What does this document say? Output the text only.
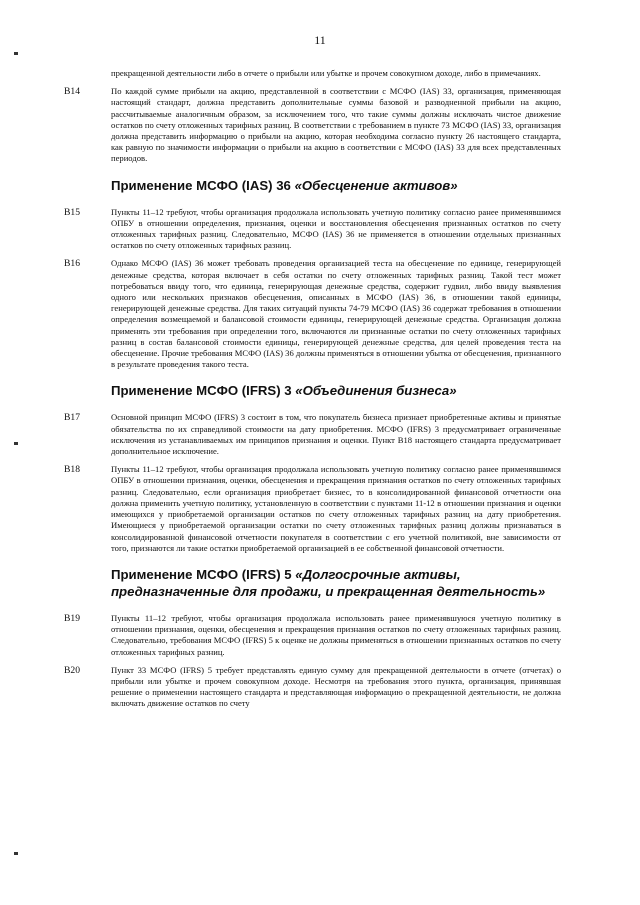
11
прекращенной деятельности либо в отчете о прибыли или убытке и прочем совокупном доходе, либо в примечаниях.
B14	По каждой сумме прибыли на акцию, представленной в соответствии с МСФО (IAS) 33, организация, применяющая настоящий стандарт, должна представить дополнительные суммы базовой и разводненной прибыли на акцию, рассчитываемые аналогичным образом, за исключением того, что такие суммы должны исключать чистое движение остатков по счету отложенных тарифных разниц. В соответствии с требованием в пункте 73 МСФО (IAS) 33, организация должна представить информацию о прибыли на акцию, которая необходима согласно пункту 26 настоящего стандарта, как равную по значимости информации о прибыли на акцию в соответствии с МСФО (IAS) 33 для всех представленных периодов.
Применение МСФО (IAS) 36 «Обесценение активов»
B15	Пункты 11–12 требуют, чтобы организация продолжала использовать учетную политику согласно ранее применявшимся ОПБУ в отношении определения, признания, оценки и восстановления обесценения признанных остатков по счету отложенных тарифных разниц. Следовательно, МСФО (IAS) 36 не применяется в отношении отдельных признанных остатков по счету отложенных тарифных разниц.
B16	Однако МСФО (IAS) 36 может требовать проведения организацией теста на обесценение по единице, генерирующей денежные средства, которая включает в себя остатки по счету отложенных тарифных разниц. Такой тест может потребоваться ввиду того, что единица, генерирующая денежные средства, содержит гудвил, либо ввиду выявления одного или нескольких признаков обесценения, описанных в МСФО (IAS) 36, в отношении такой единицы, генерирующей денежные средства. Для таких ситуаций пункты 74-79 МСФО (IAS) 36 содержат требования в отношении определения возмещаемой и балансовой стоимости единицы, генерирующей денежные средства. Организация должна применять эти требования при определении того, включаются ли признанные остатки по счету отложенных тарифных разниц в состав балансовой стоимости единицы, генерирующей денежные средства, для целей проведения теста на обесценение. Прочие требования МСФО (IAS) 36 должны применяться в отношении убытка от обесценения, признанного в результате проведения такого теста.
Применение МСФО (IFRS) 3 «Объединения бизнеса»
B17	Основной принцип МСФО (IFRS) 3 состоит в том, что покупатель бизнеса признает приобретенные активы и принятые обязательства по их справедливой стоимости на дату приобретения. МСФО (IFRS) 3 предусматривает ограниченные исключения из устанавливаемых им принципов признания и оценки. Пункт B18 настоящего стандарта предусматривает дополнительное исключение.
B18	Пункты 11–12 требуют, чтобы организация продолжала использовать учетную политику согласно ранее применявшимся ОПБУ в отношении признания, оценки, обесценения и прекращения признания остатков по счету отложенных тарифных разниц. Следовательно, если организация приобретает бизнес, то в консолидированной финансовой отчетности она должна применить учетную политику, установленную в соответствии с пунктами 11-12 в отношении признания и оценки имеющихся у приобретаемой организации остатков по счету отложенных тарифных разниц на дату приобретения. Имеющиеся у приобретаемой организации остатки по счету отложенных тарифных разниц должны признаваться в консолидированной финансовой отчетности покупателя в соответствии с его учетной политикой, вне зависимости от того, признаются ли такие остатки приобретаемой организацией в ее собственной финансовой отчетности.
Применение МСФО (IFRS) 5 «Долгосрочные активы, предназначенные для продажи, и прекращенная деятельность»
B19	Пункты 11–12 требуют, чтобы организация продолжала использовать ранее применявшуюся учетную политику в отношении признания, оценки, обесценения и прекращения признания остатков по счету отложенных тарифных разниц. Следовательно, требования МСФО (IFRS) 5 к оценке не должны применяться в отношении признанных остатков по счету отложенных тарифных разниц.
B20	Пункт 33 МСФО (IFRS) 5 требует представлять единую сумму для прекращенной деятельности в отчете (отчетах) о прибыли или убытке и прочем совокупном доходе. Несмотря на требования этого пункта, организация, принявшая решение о применении настоящего стандарта и представляющая информацию о прекращенной деятельности, не должна включать движение остатков по счету
